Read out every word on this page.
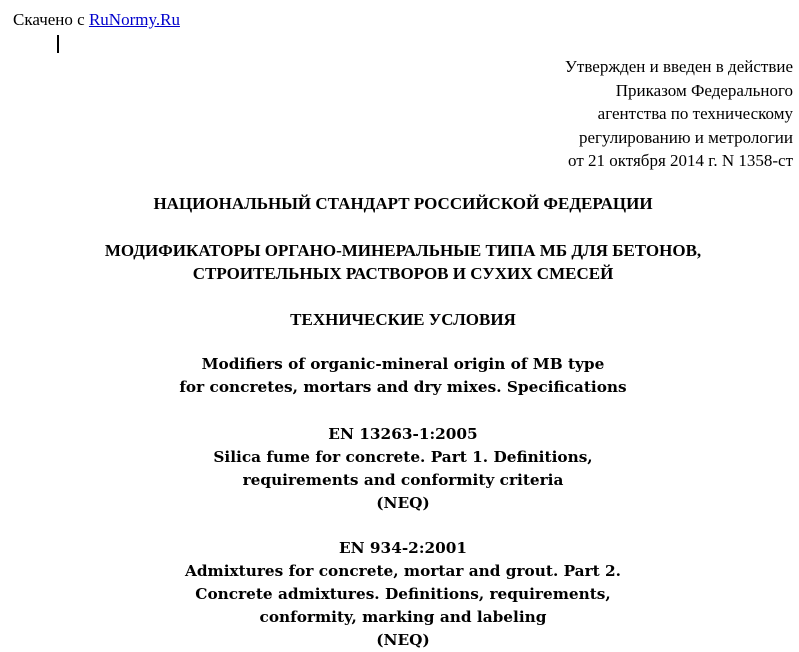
Скачено с RuNormy.Ru
Утвержден и введен в действие
Приказом Федерального
агентства по техническому
регулированию и метрологии
от 21 октября 2014 г. N 1358-ст
НАЦИОНАЛЬНЫЙ СТАНДАРТ РОССИЙСКОЙ ФЕДЕРАЦИИ
МОДИФИКАТОРЫ ОРГАНО-МИНЕРАЛЬНЫЕ ТИПА МБ ДЛЯ БЕТОНОВ,
СТРОИТЕЛЬНЫХ РАСТВОРОВ И СУХИХ СМЕСЕЙ
ТЕХНИЧЕСКИЕ УСЛОВИЯ
Modifiers of organic-mineral origin of MB type
for concretes, mortars and dry mixes. Specifications
EN 13263-1:2005
Silica fume for concrete. Part 1. Definitions,
requirements and conformity criteria
(NEQ)
EN 934-2:2001
Admixtures for concrete, mortar and grout. Part 2.
Concrete admixtures. Definitions, requirements,
conformity, marking and labeling
(NEQ)
